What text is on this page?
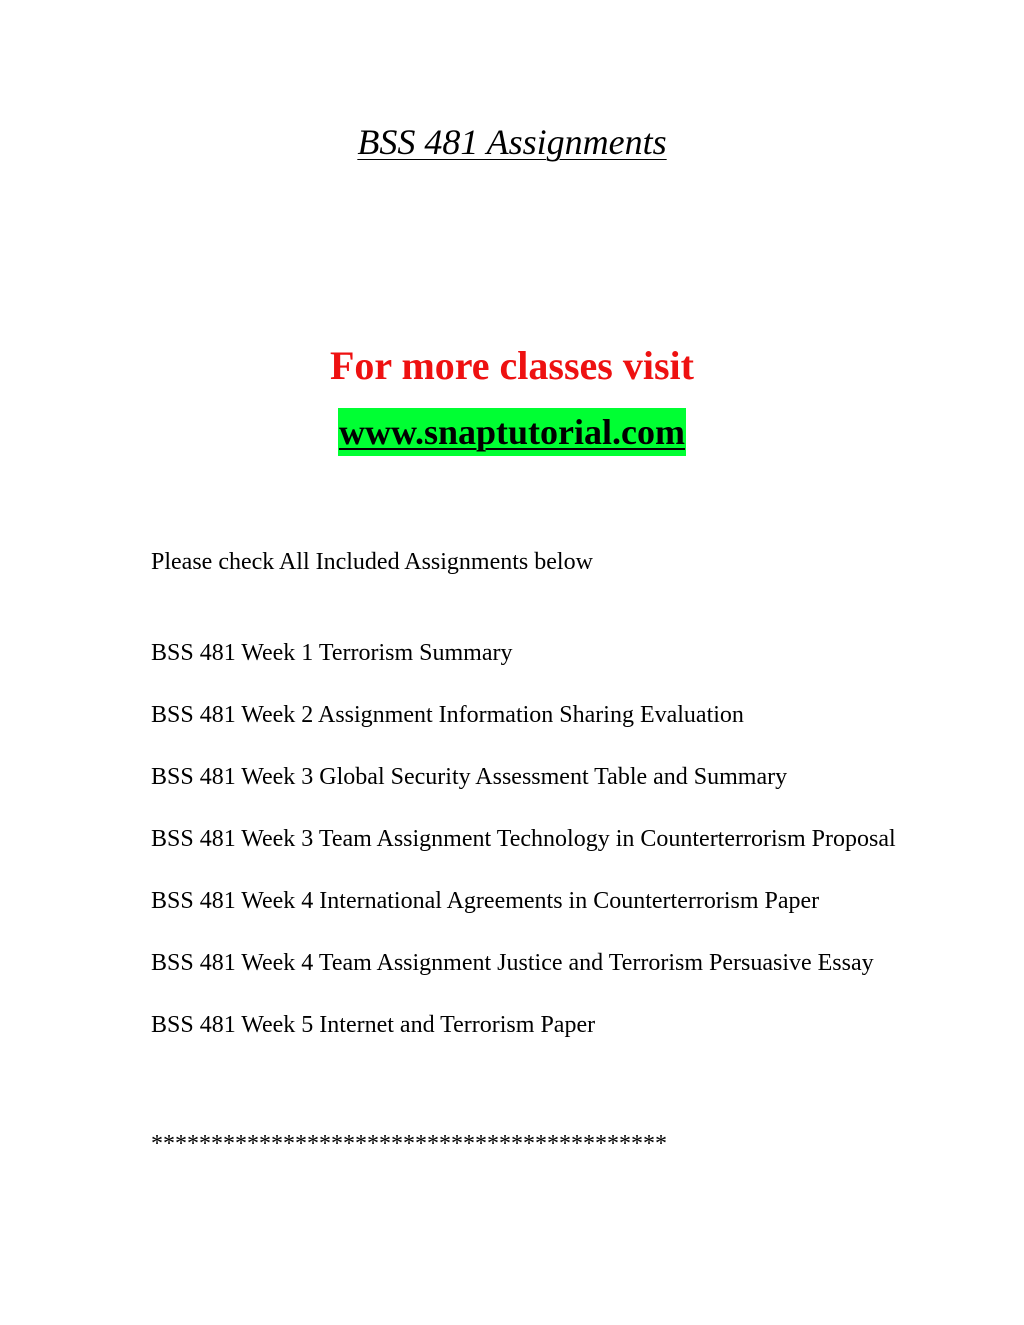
BSS 481 Assignments

For more classes visit

www.snaptutorial.com

Please check All Included Assignments below

BSS 481 Week 1 Terrorism Summary
BSS 481 Week 2 Assignment Information Sharing Evaluation
BSS 481 Week 3 Global Security Assessment Table and Summary
BSS 481 Week 3 Team Assignment Technology in Counterterrorism Proposal
BSS 481 Week 4 International Agreements in Counterterrorism Paper
BSS 481 Week 4 Team Assignment Justice and Terrorism Persuasive Essay
BSS 481 Week 5 Internet and Terrorism Paper

*******************************************
